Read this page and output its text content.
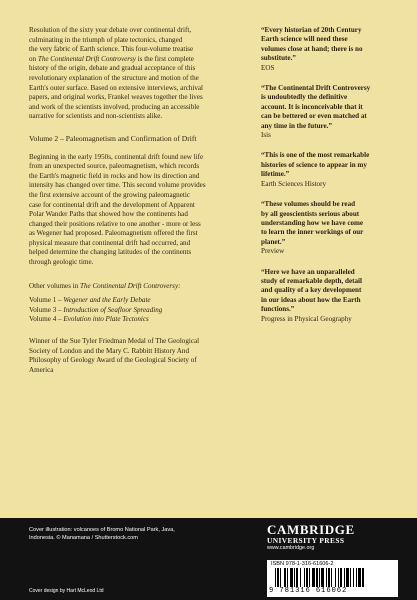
Resolution of the sixty year debate over continental drift,
culminating in the triumph of plate tectonics, changed
the very fabric of Earth science. This four-volume treatise
on The Continental Drift Controversy is the first complete
history of the origin, debate and gradual acceptance of this
revolutionary explanation of the structure and motion of the
Earth's outer surface. Based on extensive interviews, archival
papers, and original works, Frankel weaves together the lives
and work of the scientists involved, producing an accessible
narrative for scientists and non-scientists alike.

Volume 2 – Paleomagnetism and Confirmation of Drift

Beginning in the early 1950s, continental drift found new life
from an unexpected source, paleomagnetism, which records
the Earth's magnetic field in rocks and how its direction and
intensity has changed over time. This second volume provides
the first extensive account of the growing paleomagnetic
case for continental drift and the development of Apparent
Polar Wander Paths that showed how the continents had
changed their positions relative to one another - more or less
as Wegener had proposed. Paleomagnetism offered the first
physical measure that continental drift had occurred, and
helped determine the changing latitudes of the continents
through geologic time.

Other volumes in The Continental Drift Controversy:

Volume 1 – Wegener and the Early Debate
Volume 3 – Introduction of Seafloor Spreading
Volume 4 – Evolution into Plate Tectonics

Winner of the Sue Tyler Friedman Medal of The Geological
Society of London and the Mary C. Rabbitt History And
Philosophy of Geology Award of the Geological Society of
America

“Every historian of 20th Century
Earth science will need these
volumes close at hand; there is no
substitute.”
EOS
“The Continental Drift Controversy
is undoubtedly the definitive
account. It is inconceivable that it
can be bettered or even matched at
any time in the future.”
Isis
“This is one of the most remarkable
histories of science to appear in my
lifetime.”
Earth Sciences History
“These volumes should be read
by all geoscientists serious about
understanding how we have come
to learn the inner workings of our
planet.”
Preview
“Here we have an unparalleled
study of remarkable depth, detail
and quality of a key development
in our ideas about how the Earth
functions.”
Progress in Physical Geography
Cover illustration: volcanoes of Bromo National Park, Java,
Indonesia. © Manamana / Shutterstock.com
Cover design by Hart McLeod Ltd
CAMBRIDGE
UNIVERSITY PRESS
www.cambridge.org
ISBN 978-1-316-61606-2
9 781316 616062
